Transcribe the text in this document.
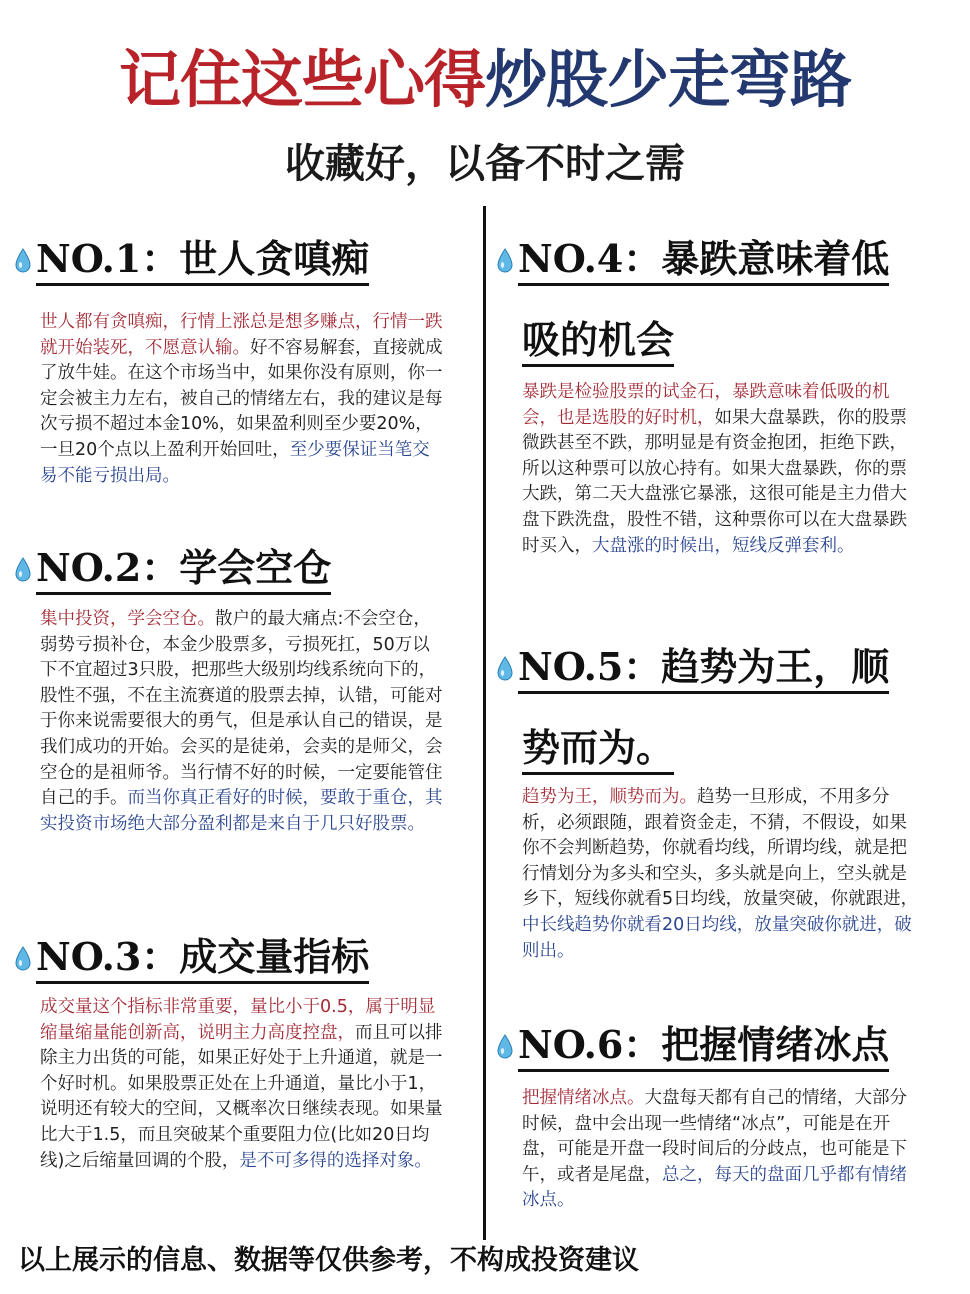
记住这些心得炒股少走弯路
收藏好，以备不时之需
NO.1：世人贪嗔痴
世人都有贪嗔痴，行情上涨总是想多赚点，行情一跌就开始装死，不愿意认输。好不容易解套，直接就成了放牛娃。在这个市场当中，如果你没有原则，你一定会被主力左右，被自己的情绪左右，我的建议是每次亏损不超过本金10%，如果盈利则至少要20%，一旦20个点以上盈利开始回吐，至少要保证当笔交易不能亏损出局。
NO.2：学会空仓
集中投资，学会空仓。散户的最大痛点:不会空仓，弱势亏损补仓，本金少股票多，亏损死扛，50万以下不宜超过3只股，把那些大级别均线系统向下的，股性不强，不在主流赛道的股票去掉，认错，可能对于你来说需要很大的勇气，但是承认自己的错误，是我们成功的开始。会买的是徒弟，会卖的是师父，会空仓的是祖师爷。当行情不好的时候，一定要能管住自己的手。而当你真正看好的时候，要敢于重仓，其实投资市场绝大部分盈利都是来自于几只好股票。
NO.3：成交量指标
成交量这个指标非常重要，量比小于0.5，属于明显缩量缩量能创新高，说明主力高度控盘，而且可以排除主力出货的可能，如果正好处于上升通道，就是一个好时机。如果股票正处在上升通道，量比小于1，说明还有较大的空间，又概率次日继续表现。如果量比大于1.5，而且突破某个重要阻力位(比如20日均线)之后缩量回调的个股，是不可多得的选择对象。
NO.4：暴跌意味着低
吸的机会
暴跌是检验股票的试金石，暴跌意味着低吸的机会，也是选股的好时机，如果大盘暴跌，你的股票微跌甚至不跌，那明显是有资金抱团，拒绝下跌，所以这种票可以放心持有。如果大盘暴跌，你的票大跌，第二天大盘涨它暴涨，这很可能是主力借大盘下跌洗盘，股性不错，这种票你可以在大盘暴跌时买入，大盘涨的时候出，短线反弹套利。
NO.5：趋势为王，顺
势而为。
趋势为王，顺势而为。趋势一旦形成，不用多分析，必须跟随，跟着资金走，不猜，不假设，如果你不会判断趋势，你就看均线，所谓均线，就是把行情划分为多头和空头，多头就是向上，空头就是乡下，短线你就看5日均线，放量突破，你就跟进，中长线趋势你就看20日均线，放量突破你就进，破则出。
NO.6：把握情绪冰点
把握情绪冰点。大盘每天都有自己的情绪，大部分时候，盘中会出现一些情绪“冰点”，可能是在开盘，可能是开盘一段时间后的分歧点，也可能是下午，或者是尾盘，总之，每天的盘面几乎都有情绪冰点。
以上展示的信息、数据等仅供参考，不构成投资建议
